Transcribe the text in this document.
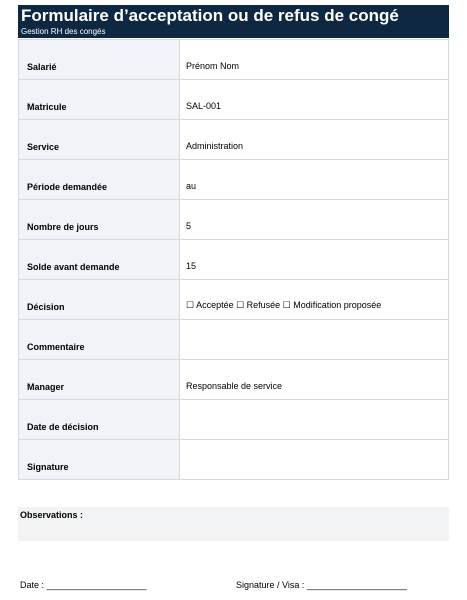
Formulaire d’acceptation ou de refus de congé
Gestion RH des congés
Salarié	Prénom Nom
Matricule	SAL-001
Service	Administration
Période demandée	au
Nombre de jours	5
Solde avant demande	15
Décision	☐ Acceptée ☐ Refusée ☐ Modification proposée
Commentaire	
Manager	Responsable de service
Date de décision	
Signature	
Observations :
Date : ____________________	Signature / Visa : ____________________
